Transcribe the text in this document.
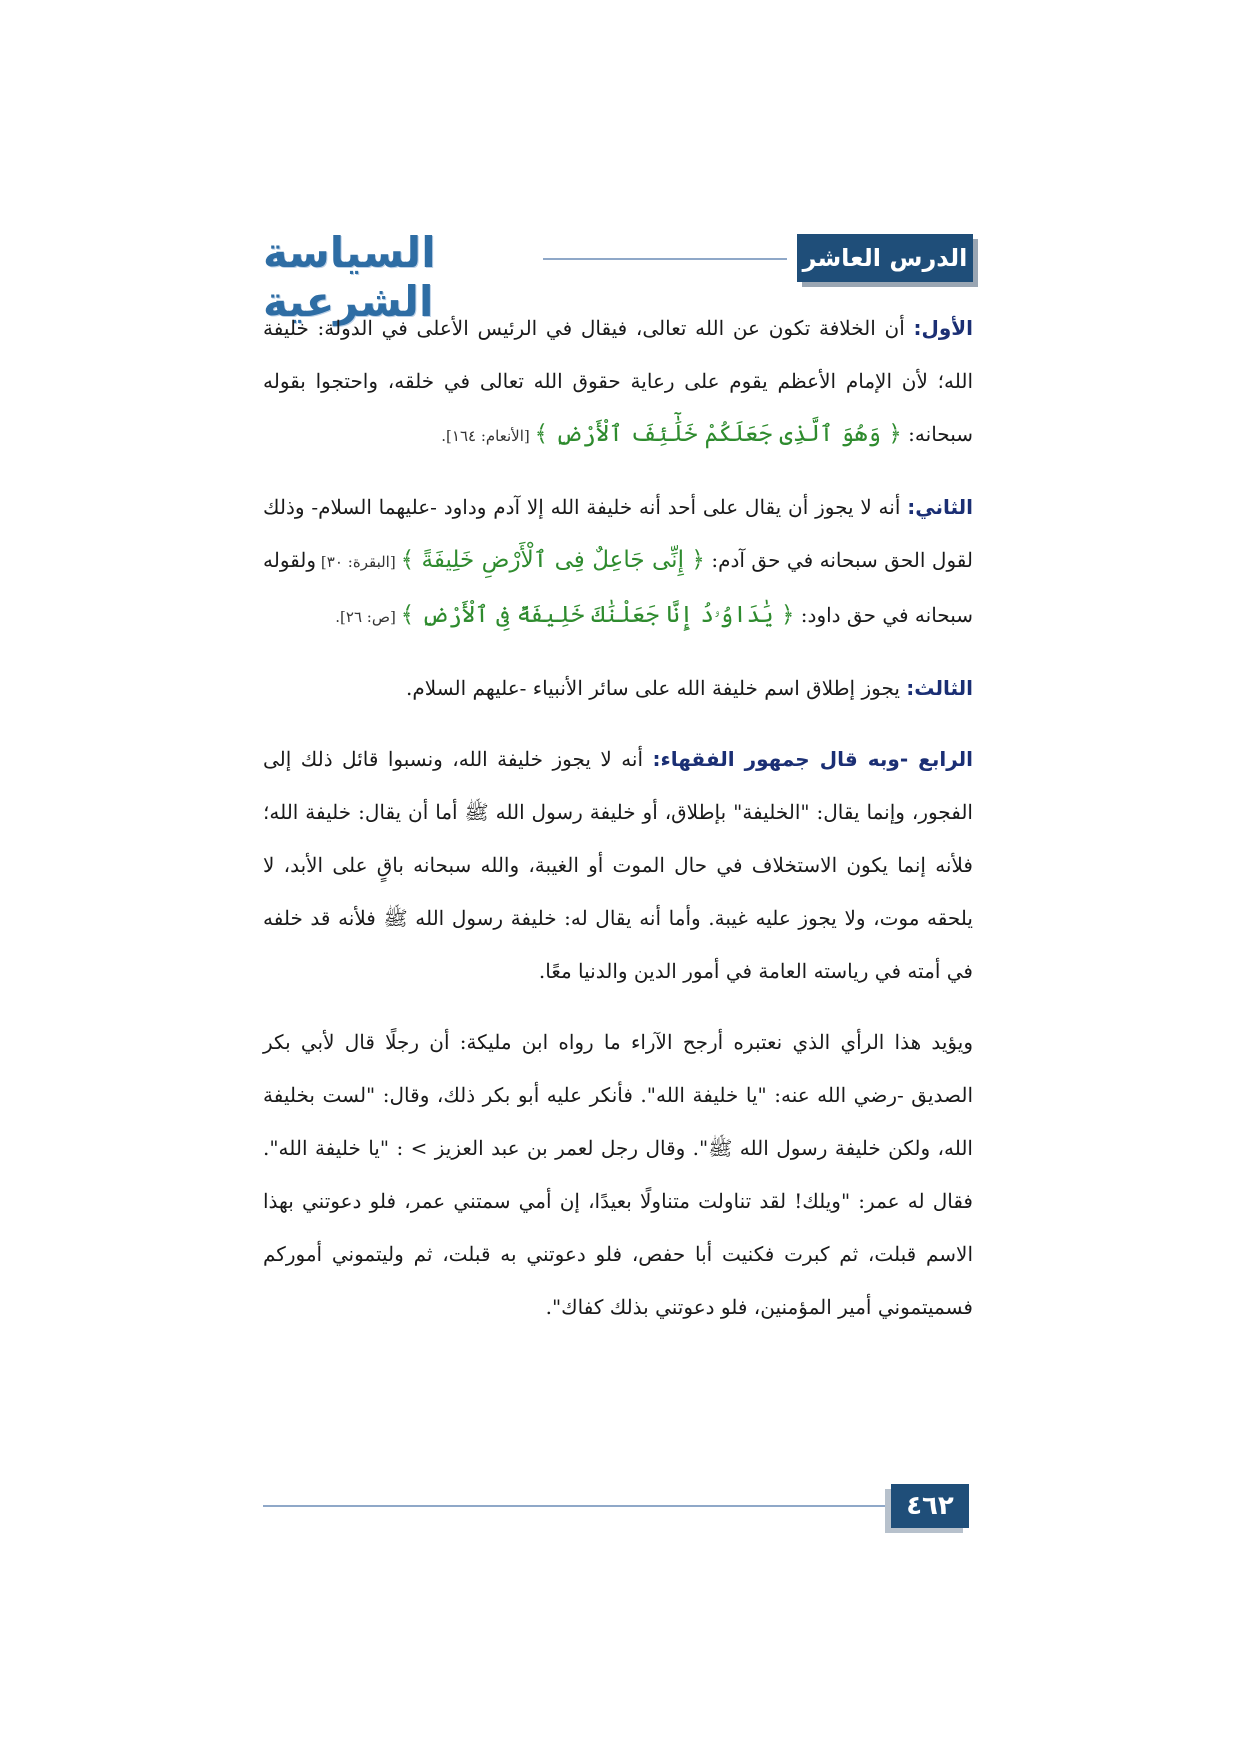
الدرس العاشر
السياسة الشرعية

الأول: أن الخلافة تكون عن الله تعالى، فيقال في الرئيس الأعلى في الدولة: خليفة الله؛ لأن الإمام الأعظم يقوم على رعاية حقوق الله تعالى في خلقه، واحتجوا بقوله سبحانه: ﴿ وَهُوَ ٱلَّذِى جَعَلَكُمْ خَلَٰٓئِفَ ٱلْأَرْضِ ﴾ [الأنعام: ١٦٤].

الثاني: أنه لا يجوز أن يقال على أحد أنه خليفة الله إلا آدم وداود -عليهما السلام- وذلك لقول الحق سبحانه في حق آدم: ﴿ إِنِّى جَاعِلٌ فِى ٱلْأَرْضِ خَلِيفَةً ﴾ [البقرة: ٣٠] ولقوله سبحانه في حق داود: ﴿ يَٰدَاوُۥدُ إِنَّا جَعَلْنَٰكَ خَلِيفَةً فِى ٱلْأَرْضِ ﴾ [ص: ٢٦].

الثالث: يجوز إطلاق اسم خليفة الله على سائر الأنبياء -عليهم السلام.

الرابع -وبه قال جمهور الفقهاء: أنه لا يجوز خليفة الله، ونسبوا قائل ذلك إلى الفجور، وإنما يقال: "الخليفة" بإطلاق، أو خليفة رسول الله ﷺ أما أن يقال: خليفة الله؛ فلأنه إنما يكون الاستخلاف في حال الموت أو الغيبة، والله سبحانه باقٍ على الأبد، لا يلحقه موت، ولا يجوز عليه غيبة. وأما أنه يقال له: خليفة رسول الله ﷺ فلأنه قد خلفه في أمته في رياسته العامة في أمور الدين والدنيا معًا.

ويؤيد هذا الرأي الذي نعتبره أرجح الآراء ما رواه ابن مليكة: أن رجلًا قال لأبي بكر الصديق -رضي الله عنه: "يا خليفة الله". فأنكر عليه أبو بكر ذلك، وقال: "لست بخليفة الله، ولكن خليفة رسول الله ﷺ". وقال رجل لعمر بن عبد العزيز > : "يا خليفة الله". فقال له عمر: "ويلك! لقد تناولت متناولًا بعيدًا، إن أمي سمتني عمر، فلو دعوتني بهذا الاسم قبلت، ثم كبرت فكنيت أبا حفص، فلو دعوتني به قبلت، ثم وليتموني أموركم فسميتموني أمير المؤمنين، فلو دعوتني بذلك كفاك".

٤٦٢
